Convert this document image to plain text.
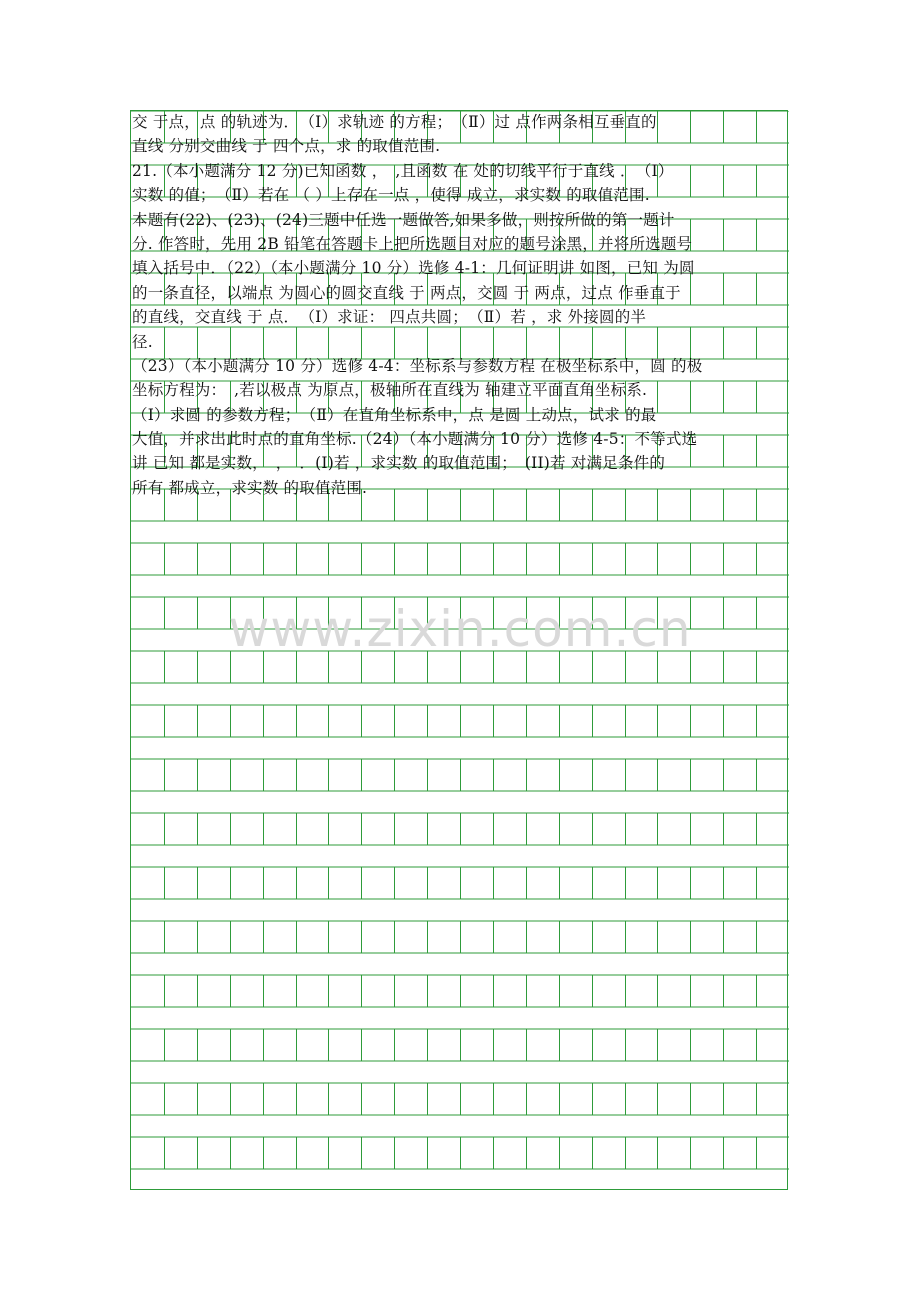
交 于点，点 的轨迹为．　（Ⅰ）求轨迹 的方程；　（Ⅱ）过 点作两条相互垂直的
直线 分别交曲线 于 四个点，求 的取值范围.
21.（本小题满分 12 分)已知函数 ，　,且函数 在 处的切线平行于直线 ．　（Ⅰ）
实数 的值；　（Ⅱ）若在 （ ）上存在一点 ，使得 成立，求实数 的取值范围.
本题有(22)、(23)、(24)三题中任选一题做答,如果多做，则按所做的第一题计
分. 作答时，先用 2B 铅笔在答题卡上把所选题目对应的题号涂黑，并将所选题号
填入括号中．（22）（本小题满分 10 分）选修 4-1：几何证明讲 如图，已知 为圆
的一条直径，以端点 为圆心的圆交直线 于 两点，交圆 于 两点，过点 作垂直于
的直线，交直线 于 点．　（Ⅰ）求证： 四点共圆；　（Ⅱ）若 ，求 外接圆的半
径.
（23）（本小题满分 10 分）选修 4-4：坐标系与参数方程 在极坐标系中，圆 的极
坐标方程为：　,若以极点 为原点，极轴所在直线为 轴建立平面直角坐标系.
（Ⅰ）求圆 的参数方程；　（Ⅱ）在直角坐标系中，点 是圆 上动点，试求 的最
大值，并求出此时点的直角坐标.（24）（本小题满分 10 分）选修 4-5：不等式选
讲 已知 都是实数，　，　．(I)若 ，求实数 的取值范围；　(II)若 对满足条件的
所有 都成立，求实数 的取值范围.
www.zixin.com.cn
